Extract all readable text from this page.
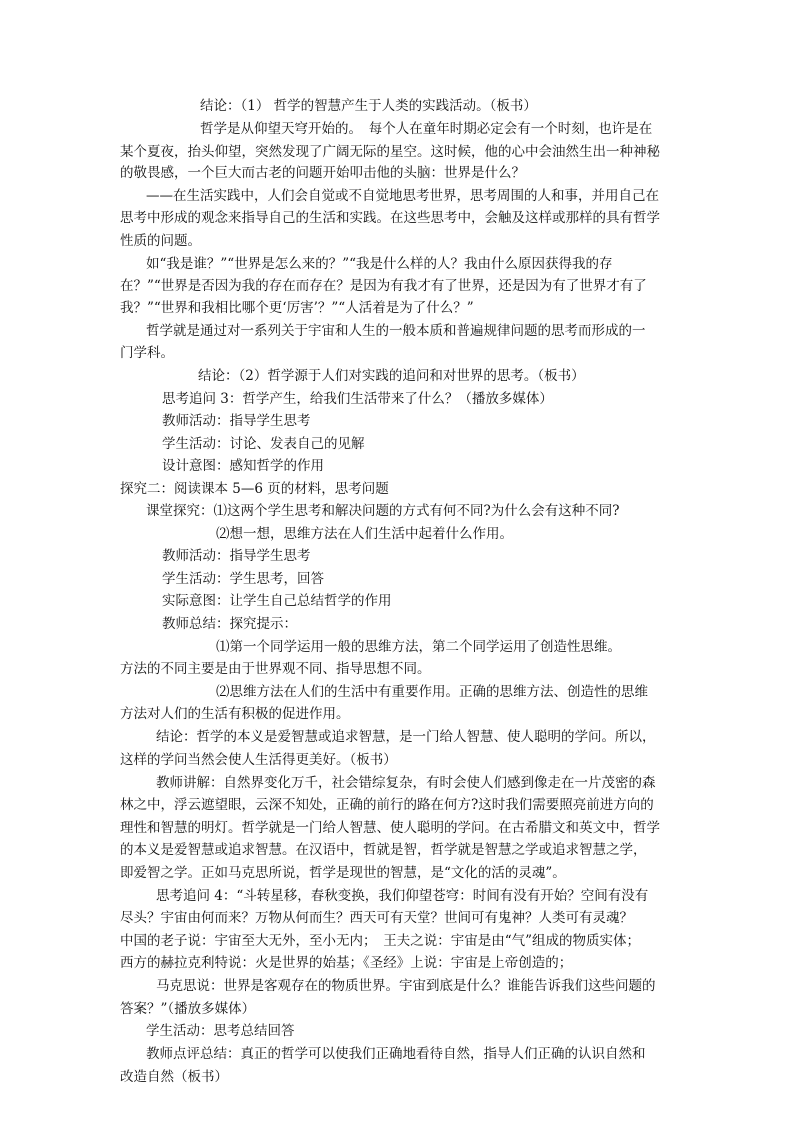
结论：（1） 哲学的智慧产生于人类的实践活动。（板书）
哲学是从仰望天穹开始的。　每个人在童年时期必定会有一个时刻，也许是在
某个夏夜，抬头仰望，突然发现了广阔无际的星空。这时候，他的心中会油然生出一种神秘
的敬畏感，一个巨大而古老的问题开始叩击他的头脑：世界是什么？
——在生活实践中，人们会自觉或不自觉地思考世界，思考周围的人和事，并用自己在
思考中形成的观念来指导自己的生活和实践。在这些思考中，会触及这样或那样的具有哲学
性质的问题。
如“我是谁？”“世界是怎么来的？”“我是什么样的人？我由什么原因获得我的存
在？”“世界是否因为我的存在而存在？是因为有我才有了世界，还是因为有了世界才有了
我？”“世界和我相比哪个更‘厉害’？”“人活着是为了什么？”
哲学就是通过对一系列关于宇宙和人生的一般本质和普遍规律问题的思考而形成的一
门学科。
结论：（2）哲学源于人们对实践的追问和对世界的思考。（板书）
思考追问 3：哲学产生，给我们生活带来了什么？（播放多媒体）
教师活动：指导学生思考
学生活动：讨论、发表自己的见解
设计意图：感知哲学的作用
探究二：阅读课本 5—6 页的材料，思考问题
课堂探究：⑴这两个学生思考和解决问题的方式有何不同?为什么会有这种不同?
⑵想一想，思维方法在人们生活中起着什么作用。
教师活动：指导学生思考
学生活动：学生思考，回答
实际意图：让学生自己总结哲学的作用
教师总结：探究提示：
⑴第一个同学运用一般的思维方法，第二个同学运用了创造性思维。
方法的不同主要是由于世界观不同、指导思想不同。
⑵思维方法在人们的生活中有重要作用。正确的思维方法、创造性的思维
方法对人们的生活有积极的促进作用。
结论：哲学的本义是爱智慧或追求智慧，是一门给人智慧、使人聪明的学问。所以，
这样的学问当然会使人生活得更美好。（板书）
教师讲解：自然界变化万千，社会错综复杂，有时会使人们感到像走在一片茂密的森
林之中，浮云遮望眼，云深不知处，正确的前行的路在何方?这时我们需要照亮前进方向的
理性和智慧的明灯。哲学就是一门给人智慧、使人聪明的学问。在古希腊文和英文中，哲学
的本义是爱智慧或追求智慧。在汉语中，哲就是智，哲学就是智慧之学或追求智慧之学，
即爱智之学。正如马克思所说，哲学是现世的智慧，是“文化的活的灵魂”。
思考追问 4：“斗转星移，春秋变换，我们仰望苍穹：时间有没有开始？空间有没有
尽头？宇宙由何而来？万物从何而生？西天可有天堂？世间可有鬼神？人类可有灵魂？
中国的老子说：宇宙至大无外，至小无内；　王夫之说：宇宙是由“气”组成的物质实体；
西方的赫拉克利特说：火是世界的始基；《圣经》上说：宇宙是上帝创造的；
马克思说：世界是客观存在的物质世界。宇宙到底是什么？谁能告诉我们这些问题的
答案？”（播放多媒体）
学生活动：思考总结回答
教师点评总结：真正的哲学可以使我们正确地看待自然，指导人们正确的认识自然和
改造自然（板书）
